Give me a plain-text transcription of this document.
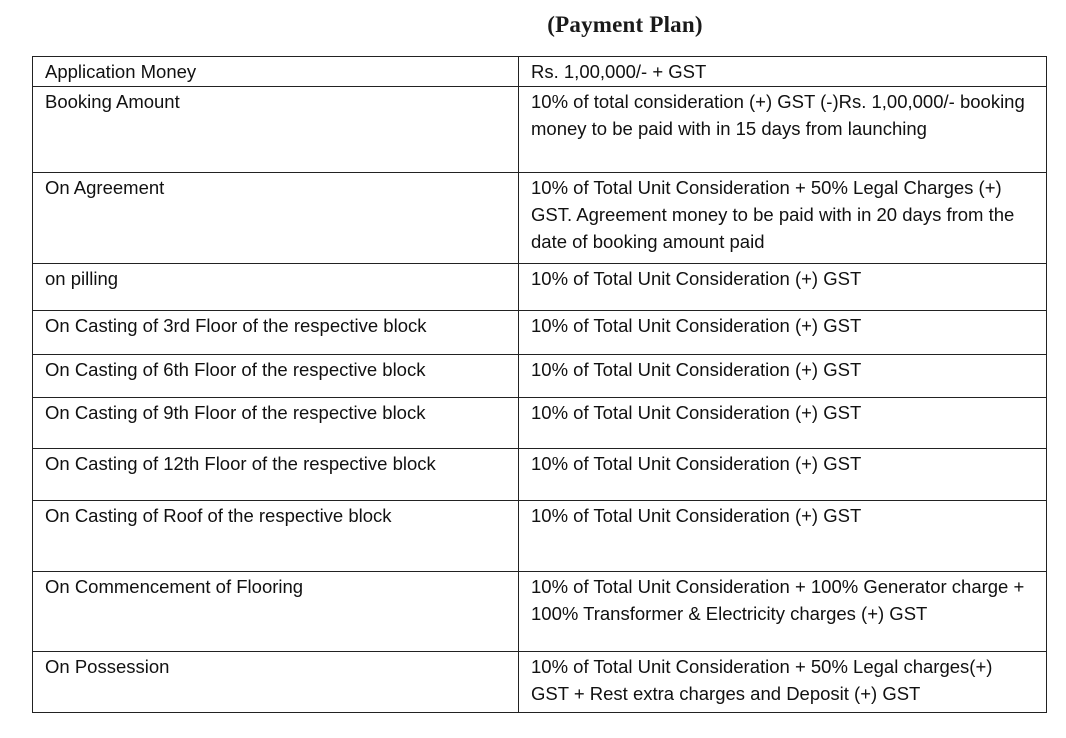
(Payment Plan)
Application Money	Rs. 1,00,000/- + GST
Booking Amount	10% of total consideration (+) GST (-)Rs. 1,00,000/- booking money to be paid with in 15 days from launching
On Agreement	10% of Total Unit Consideration + 50% Legal Charges (+) GST. Agreement money to be paid with in 20 days from the date of booking amount paid
on pilling	10% of Total Unit Consideration (+) GST
On Casting of 3rd Floor of the respective block	10% of Total Unit Consideration (+) GST
On Casting of 6th Floor of the respective block	10% of Total Unit Consideration (+) GST
On Casting of 9th Floor of the respective block	10% of Total Unit Consideration (+) GST
On Casting of 12th Floor of the respective block	10% of Total Unit Consideration (+) GST
On Casting of Roof of the respective block	10% of Total Unit Consideration (+) GST
On Commencement of Flooring	10% of Total Unit Consideration + 100% Generator charge + 100% Transformer & Electricity charges (+) GST
On Possession	10% of Total Unit Consideration + 50% Legal charges(+) GST + Rest extra charges and Deposit (+) GST
